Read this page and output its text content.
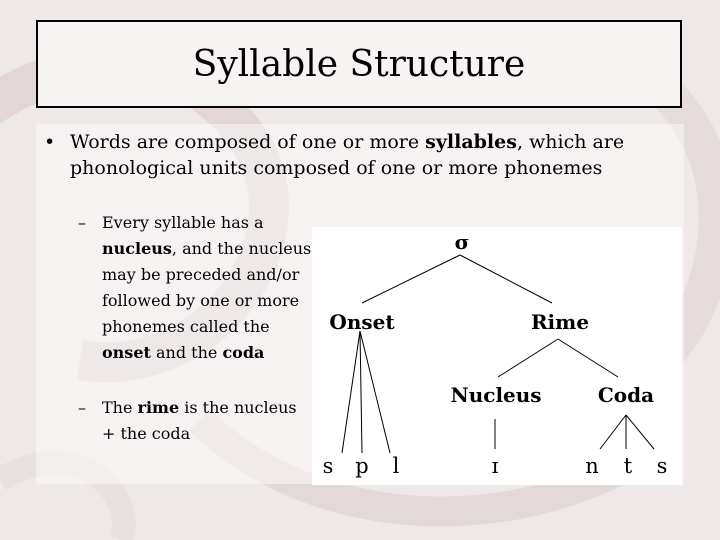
Syllable Structure
• Words are composed of one or more syllables, which are phonological units composed of one or more phonemes
– Every syllable has a nucleus, and the nucleus may be preceded and/or followed by one or more phonemes called the onset and the coda
– The rime is the nucleus + the coda
σ
Onset	Rime
Nucleus	Coda
s p l	ɪ	n t s
